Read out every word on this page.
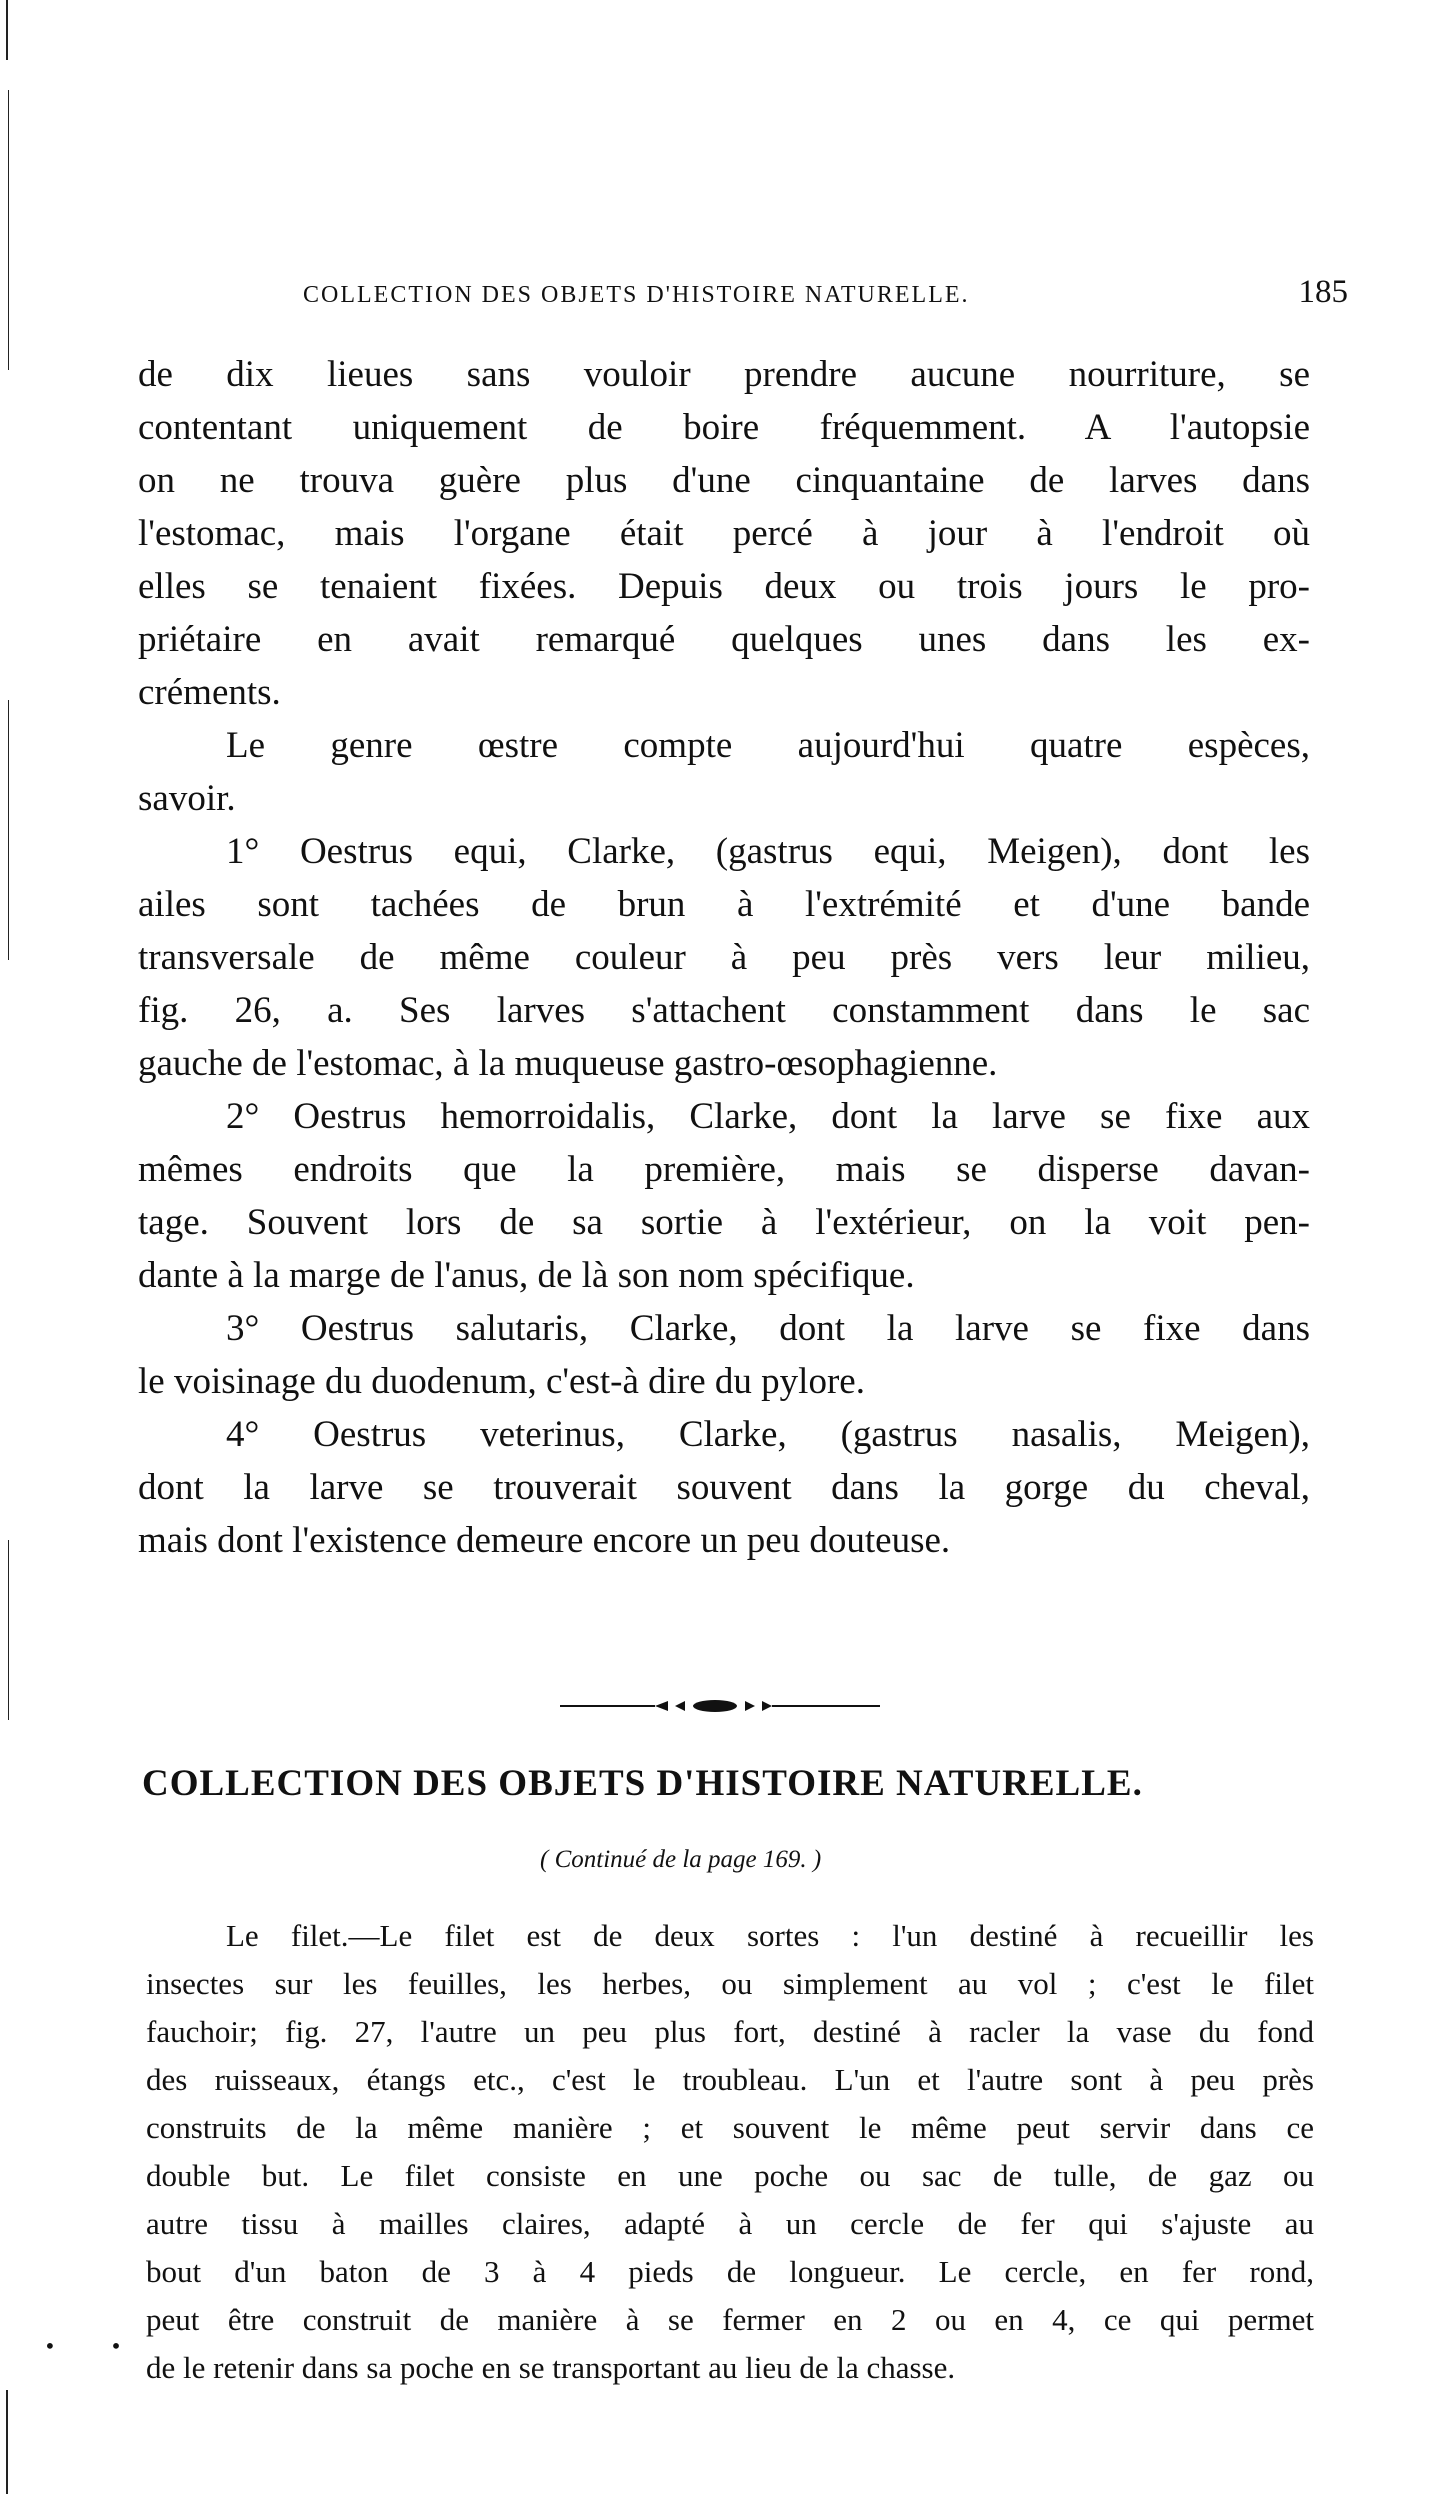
COLLECTION DES OBJETS D'HISTOIRE NATURELLE.	185
de dix lieues sans vouloir prendre aucune nourriture, se
contentant uniquement de boire fréquemment. A l'autopsie
on ne trouva guère plus d'une cinquantaine de larves dans
l'estomac, mais l'organe était percé à jour à l'endroit où
elles se tenaient fixées. Depuis deux ou trois jours le pro-
priétaire en avait remarqué quelques unes dans les ex-
créments.
Le genre œstre compte aujourd'hui quatre espèces,
savoir.
1° Oestrus equi, Clarke, (gastrus equi, Meigen), dont les
ailes sont tachées de brun à l'extrémité et d'une bande
transversale de même couleur à peu près vers leur milieu,
fig. 26, a. Ses larves s'attachent constamment dans le sac
gauche de l'estomac, à la muqueuse gastro-œsophagienne.
2° Oestrus hemorroidalis, Clarke, dont la larve se fixe aux
mêmes endroits que la première, mais se disperse davan-
tage. Souvent lors de sa sortie à l'extérieur, on la voit pen-
dante à la marge de l'anus, de là son nom spécifique.
3° Oestrus salutaris, Clarke, dont la larve se fixe dans
le voisinage du duodenum, c'est-à dire du pylore.
4° Oestrus veterinus, Clarke, (gastrus nasalis, Meigen),
dont la larve se trouverait souvent dans la gorge du cheval,
mais dont l'existence demeure encore un peu douteuse.
COLLECTION DES OBJETS D'HISTOIRE NATURELLE.
( Continué de la page 169. )
Le filet.—Le filet est de deux sortes : l'un destiné à recueillir les
insectes sur les feuilles, les herbes, ou simplement au vol ; c'est le filet
fauchoir; fig. 27, l'autre un peu plus fort, destiné à racler la vase du fond
des ruisseaux, étangs etc., c'est le troubleau. L'un et l'autre sont à peu près
construits de la même manière ; et souvent le même peut servir dans ce
double but. Le filet consiste en une poche ou sac de tulle, de gaz ou
autre tissu à mailles claires, adapté à un cercle de fer qui s'ajuste au
bout d'un baton de 3 à 4 pieds de longueur. Le cercle, en fer rond,
peut être construit de manière à se fermer en 2 ou en 4, ce qui permet
de le retenir dans sa poche en se transportant au lieu de la chasse.
• •
